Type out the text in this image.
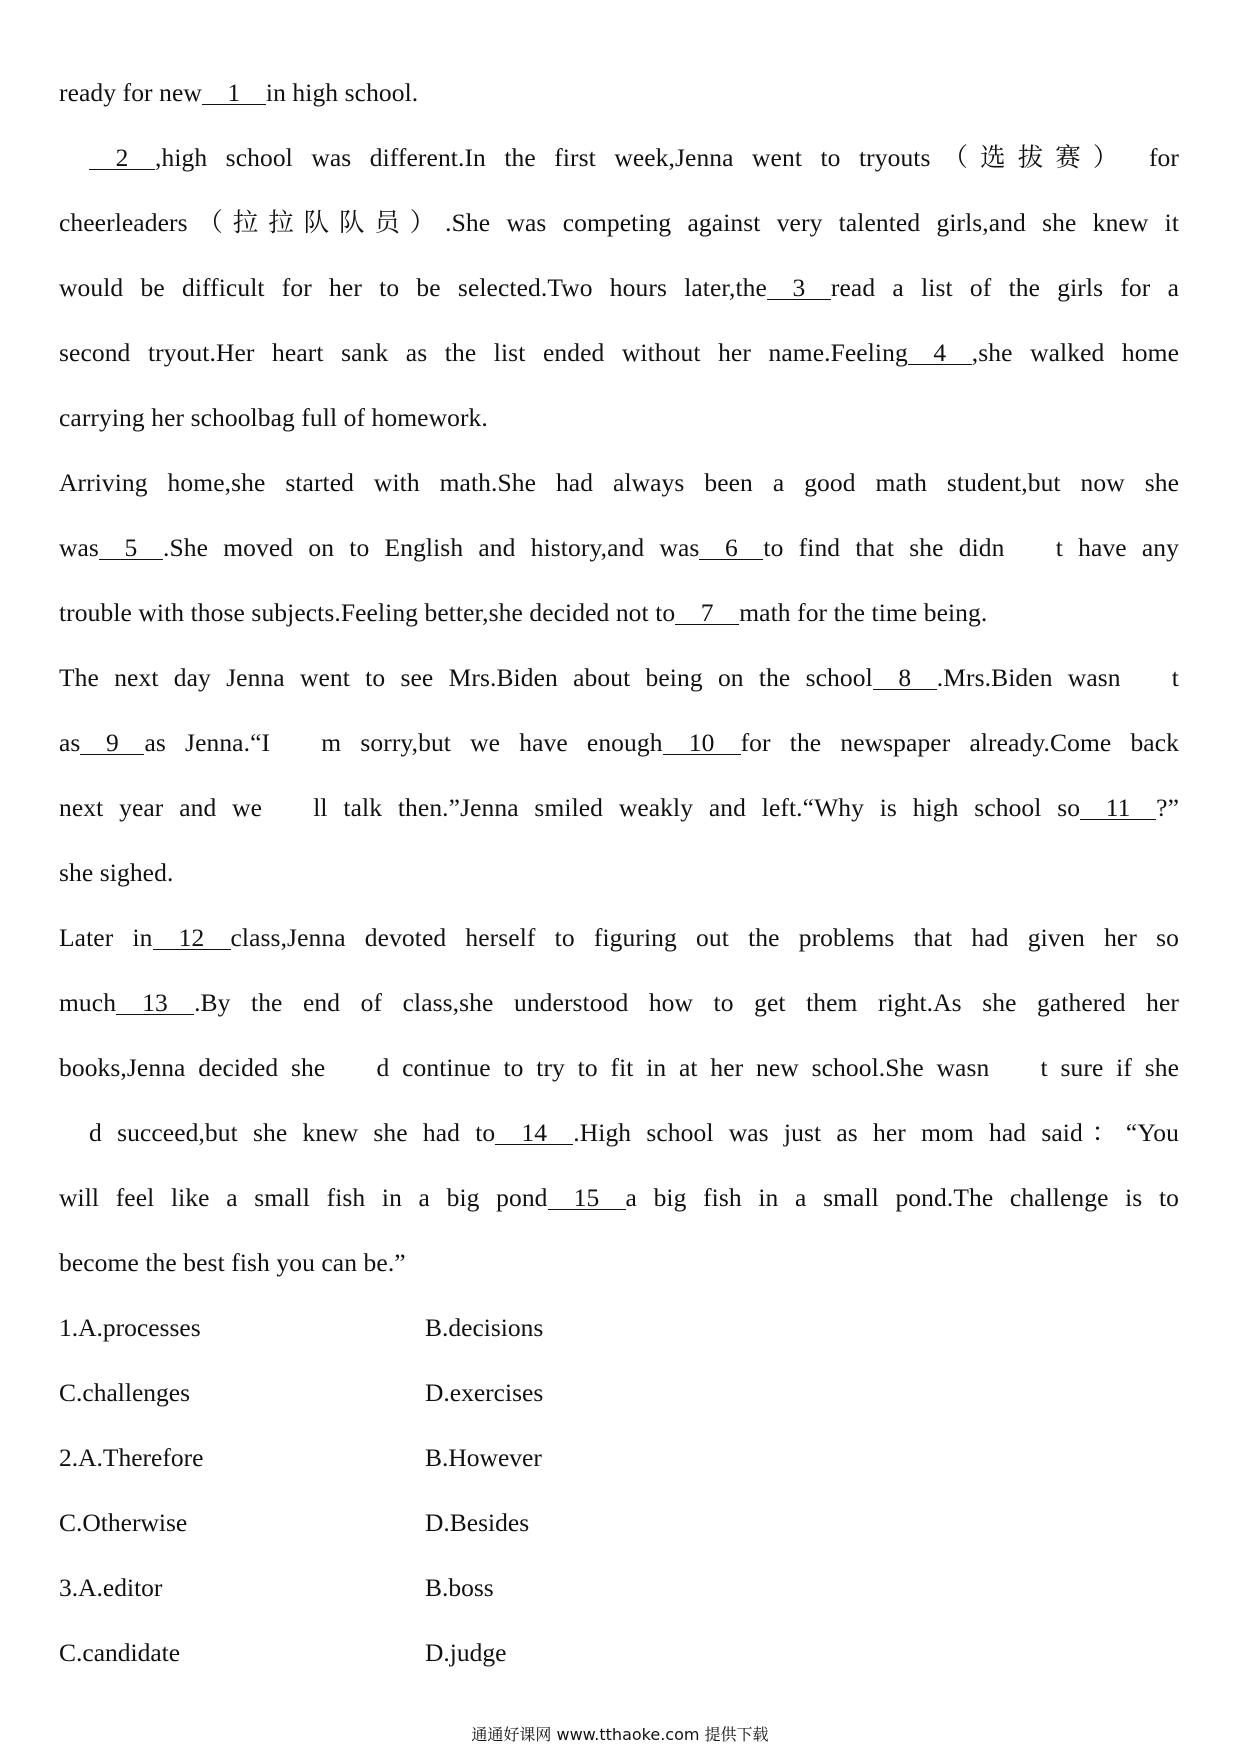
ready for new 1 in high school.
2 ,high school was different.In the first week,Jenna went to tryouts（选拔赛） for
cheerleaders（拉拉队队员）.She was competing against very talented girls,and she knew it
would be difficult for her to be selected.Two hours later,the 3 read a list of the girls for a
second tryout.Her heart sank as the list ended without her name.Feeling 4 ,she walked home
carrying her schoolbag full of homework.
Arriving home,she started with math.She had always been a good math student,but now she
was 5 .She moved on to English and history,and was 6 to find that she didn  t have any
trouble with those subjects.Feeling better,she decided not to 7 math for the time being.
The next day Jenna went to see Mrs.Biden about being on the school 8 .Mrs.Biden wasn  t
as 9 as Jenna.“I  m sorry,but we have enough 10 for the newspaper already.Come back
next year and we  ll talk then.”Jenna smiled weakly and left.“Why is high school so 11 ?”
she sighed.
Later in 12 class,Jenna devoted herself to figuring out the problems that had given her so
much 13 .By the end of class,she understood how to get them right.As she gathered her
books,Jenna decided she  d continue to try to fit in at her new school.She wasn  t sure if she
d succeed,but she knew she had to 14 .High school was just as her mom had said：“You
will feel like a small fish in a big pond 15 a big fish in a small pond.The challenge is to
become the best fish you can be.”
1.A.processes	B.decisions
C.challenges	D.exercises
2.A.Therefore	B.However
C.Otherwise	D.Besides
3.A.editor	B.boss
C.candidate	D.judge
通通好课网 www.tthaoke.com 提供下载
